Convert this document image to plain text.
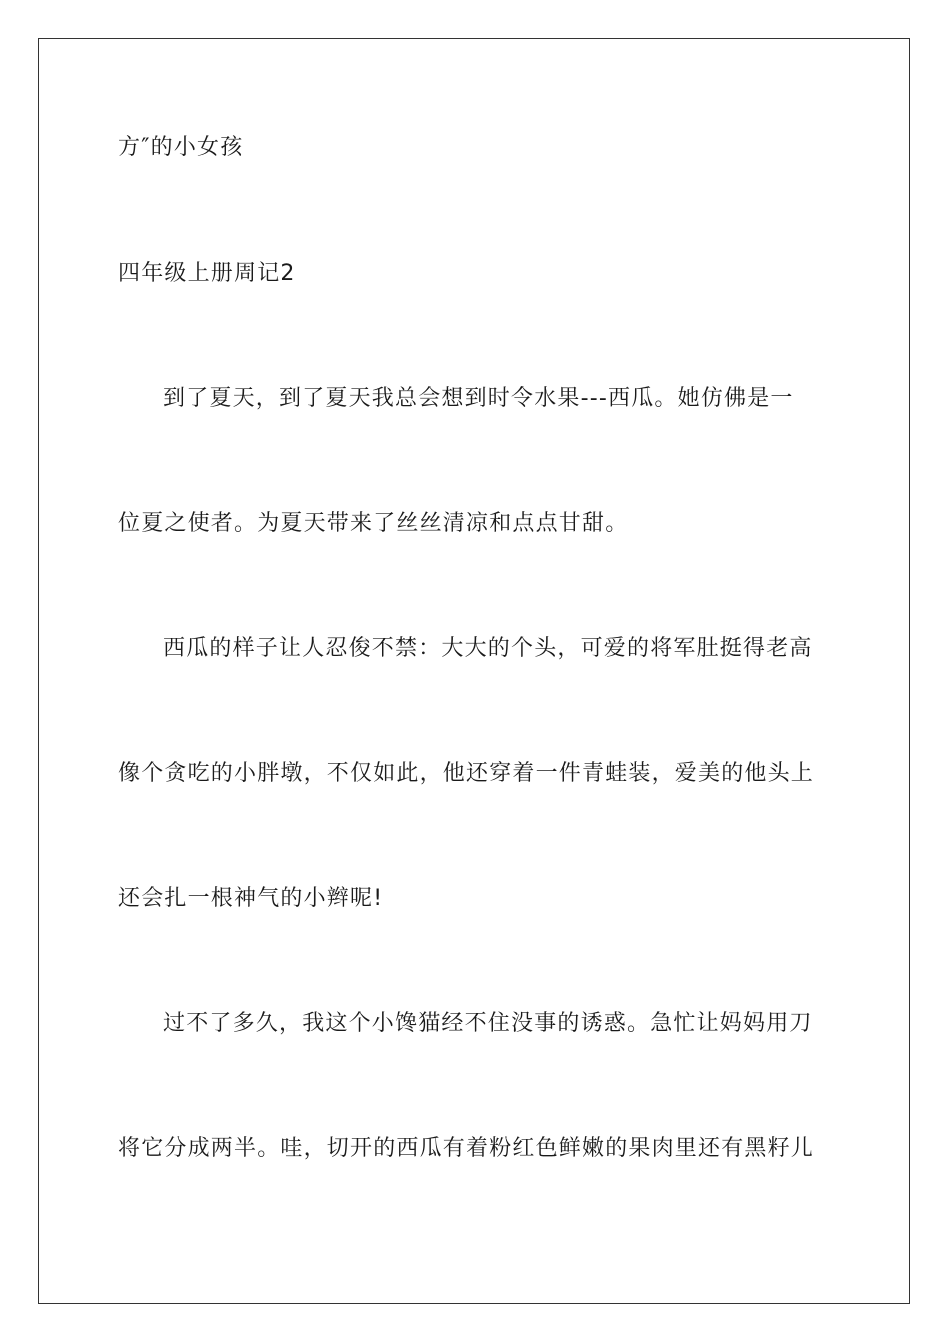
方″的小女孩
四年级上册周记2
到了夏天，到了夏天我总会想到时令水果---西瓜。她仿佛是一
位夏之使者。为夏天带来了丝丝清凉和点点甘甜。
西瓜的样子让人忍俊不禁：大大的个头，可爱的将军肚挺得老高
像个贪吃的小胖墩，不仅如此，他还穿着一件青蛙装，爱美的他头上
还会扎一根神气的小辫呢!
过不了多久，我这个小馋猫经不住没事的诱惑。急忙让妈妈用刀
将它分成两半。哇，切开的西瓜有着粉红色鲜嫩的果肉里还有黑籽儿
